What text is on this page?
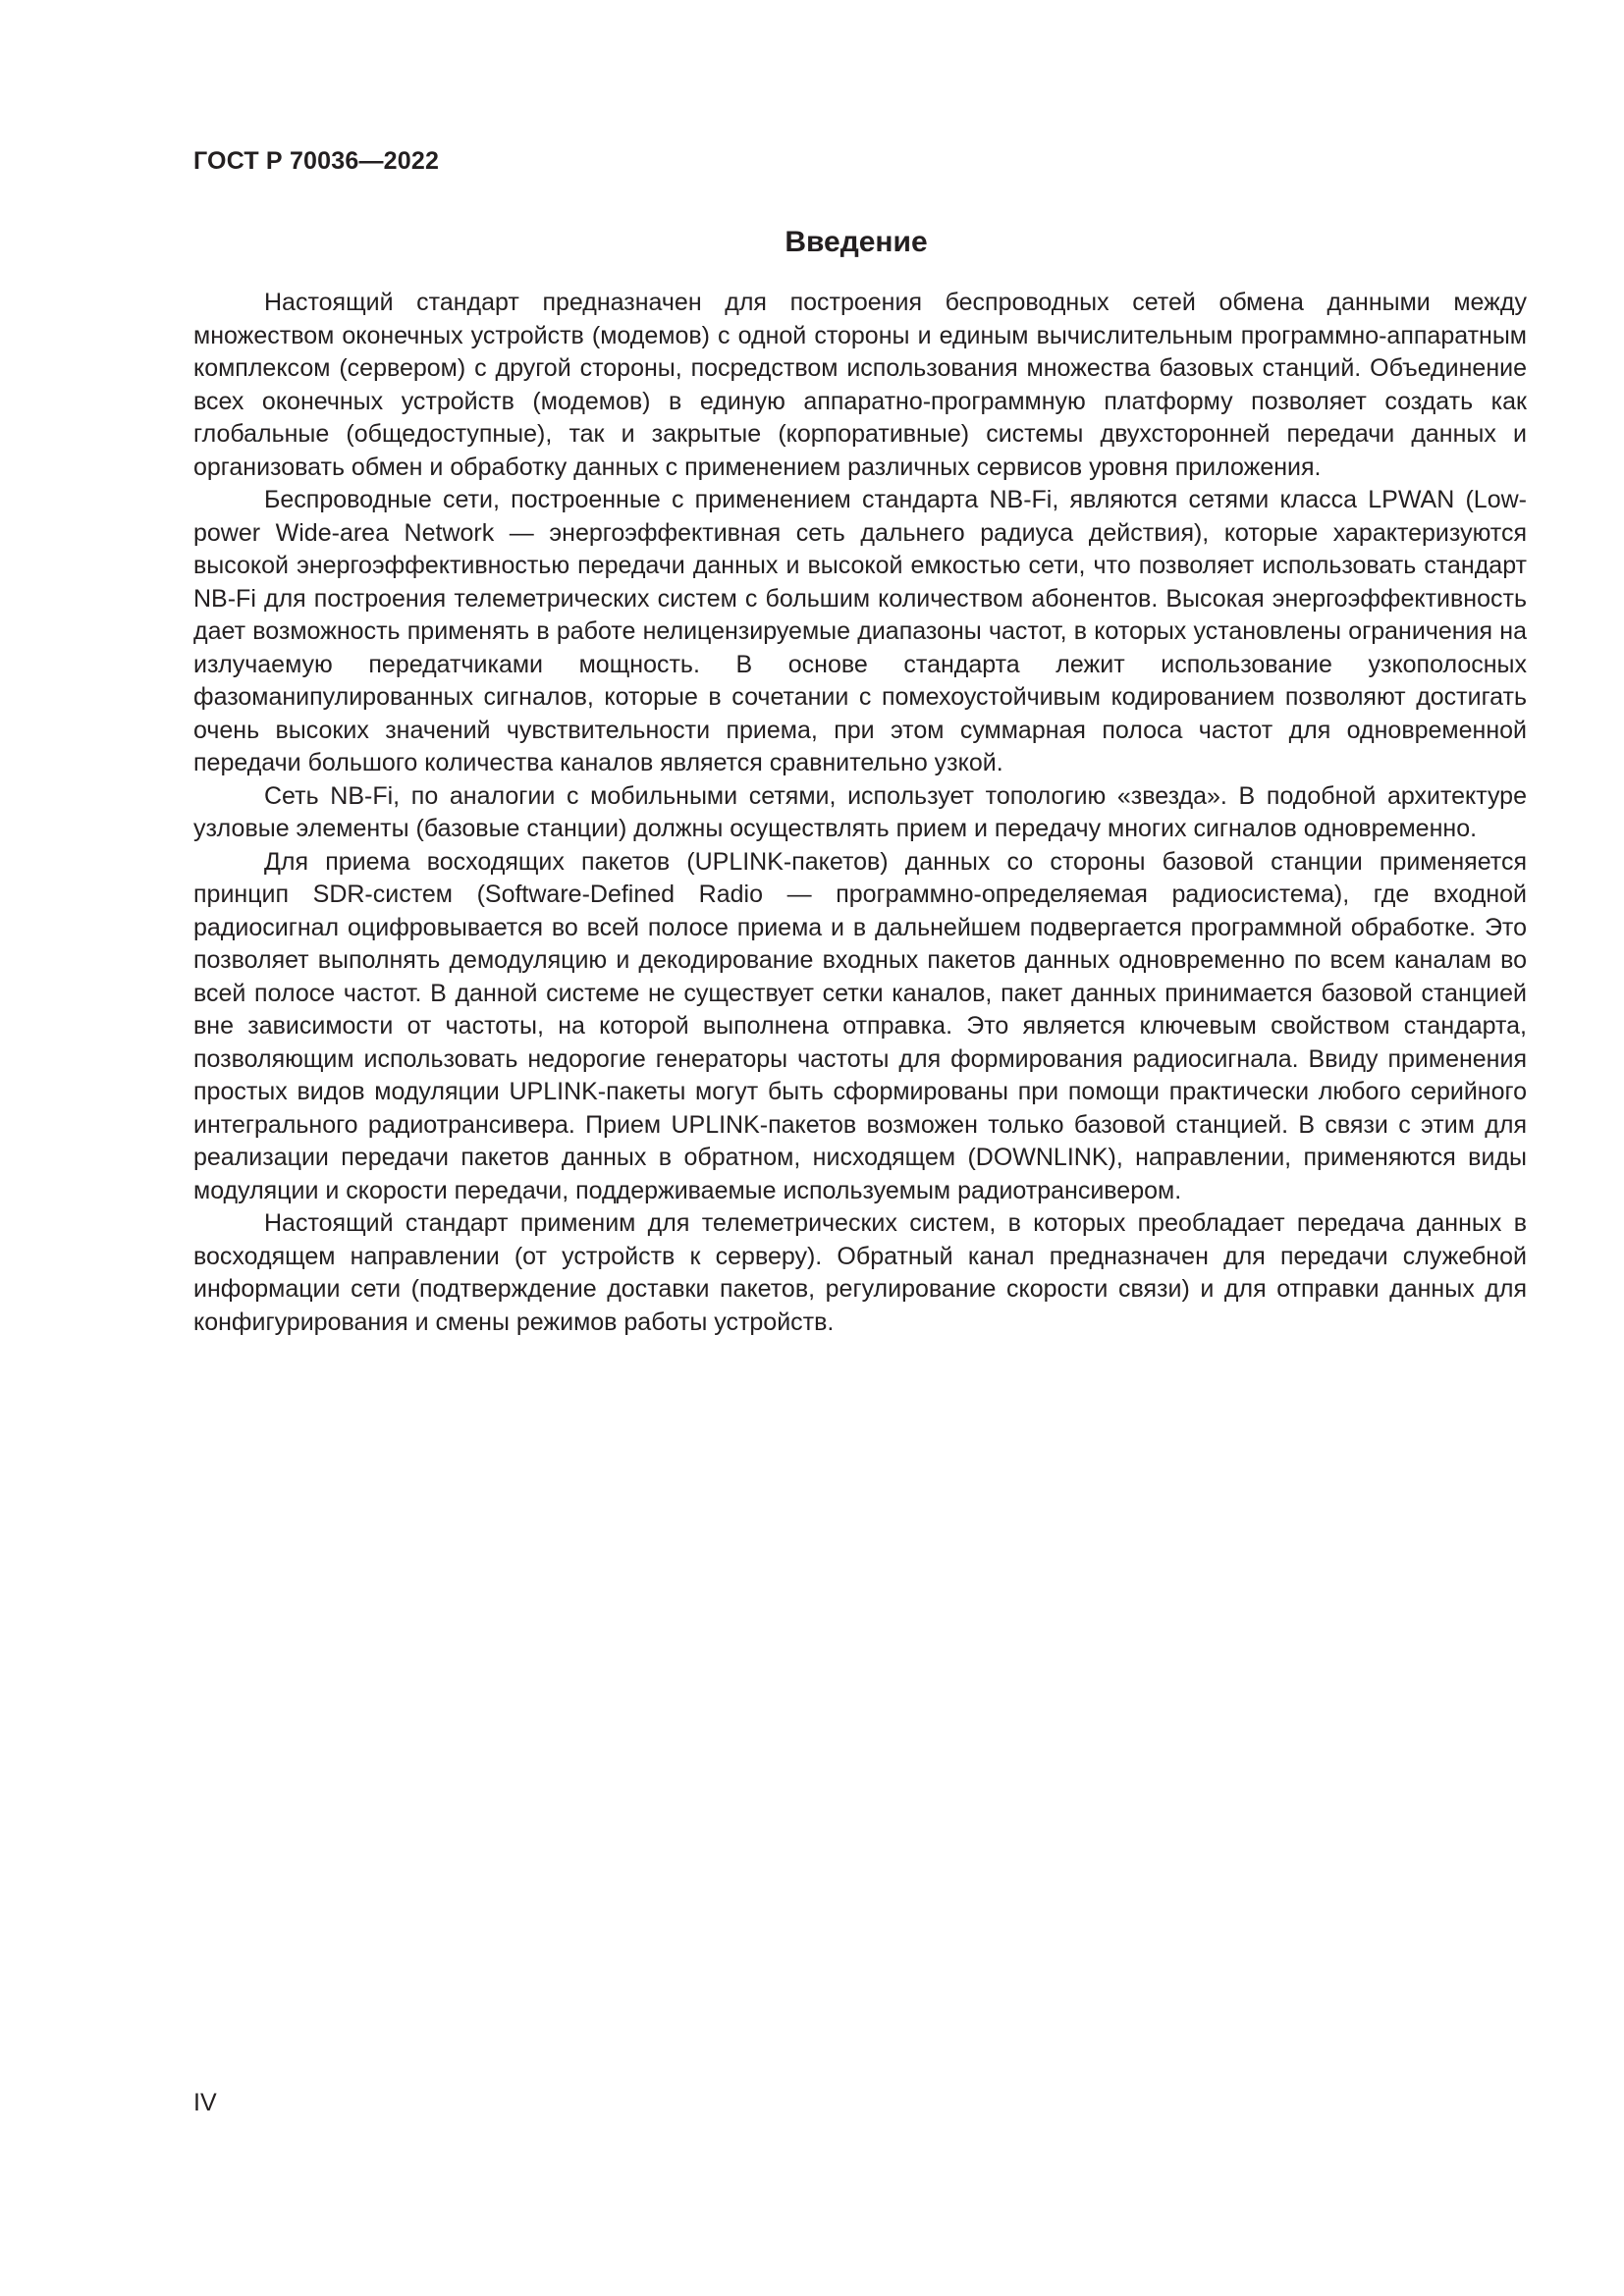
ГОСТ Р 70036—2022
Введение

Настоящий стандарт предназначен для построения беспроводных сетей обмена данными между множеством оконечных устройств (модемов) с одной стороны и единым вычислительным программно-аппаратным комплексом (сервером) с другой стороны, посредством использования множества базовых станций. Объединение всех оконечных устройств (модемов) в единую аппаратно-программную платформу позволяет создать как глобальные (общедоступные), так и закрытые (корпоративные) системы двухсторонней передачи данных и организовать обмен и обработку данных с применением различных сервисов уровня приложения.

Беспроводные сети, построенные с применением стандарта NB-Fi, являются сетями класса LPWAN (Low-power Wide-area Network — энергоэффективная сеть дальнего радиуса действия), которые характеризуются высокой энергоэффективностью передачи данных и высокой емкостью сети, что позволяет использовать стандарт NB-Fi для построения телеметрических систем с большим количеством абонентов. Высокая энергоэффективность дает возможность применять в работе нелицензируемые диапазоны частот, в которых установлены ограничения на излучаемую передатчиками мощность. В основе стандарта лежит использование узкополосных фазоманипулированных сигналов, которые в сочетании с помехоустойчивым кодированием позволяют достигать очень высоких значений чувствительности приема, при этом суммарная полоса частот для одновременной передачи большого количества каналов является сравнительно узкой.

Сеть NB-Fi, по аналогии с мобильными сетями, использует топологию «звезда». В подобной архитектуре узловые элементы (базовые станции) должны осуществлять прием и передачу многих сигналов одновременно.

Для приема восходящих пакетов (UPLINK-пакетов) данных со стороны базовой станции применяется принцип SDR-систем (Software-Defined Radio — программно-определяемая радиосистема), где входной радиосигнал оцифровывается во всей полосе приема и в дальнейшем подвергается программной обработке. Это позволяет выполнять демодуляцию и декодирование входных пакетов данных одновременно по всем каналам во всей полосе частот. В данной системе не существует сетки каналов, пакет данных принимается базовой станцией вне зависимости от частоты, на которой выполнена отправка. Это является ключевым свойством стандарта, позволяющим использовать недорогие генераторы частоты для формирования радиосигнала. Ввиду применения простых видов модуляции UPLINK-пакеты могут быть сформированы при помощи практически любого серийного интегрального радиотрансивера. Прием UPLINK-пакетов возможен только базовой станцией. В связи с этим для реализации передачи пакетов данных в обратном, нисходящем (DOWNLINK), направлении, применяются виды модуляции и скорости передачи, поддерживаемые используемым радиотрансивером.

Настоящий стандарт применим для телеметрических систем, в которых преобладает передача данных в восходящем направлении (от устройств к серверу). Обратный канал предназначен для передачи служебной информации сети (подтверждение доставки пакетов, регулирование скорости связи) и для отправки данных для конфигурирования и смены режимов работы устройств.

IV
